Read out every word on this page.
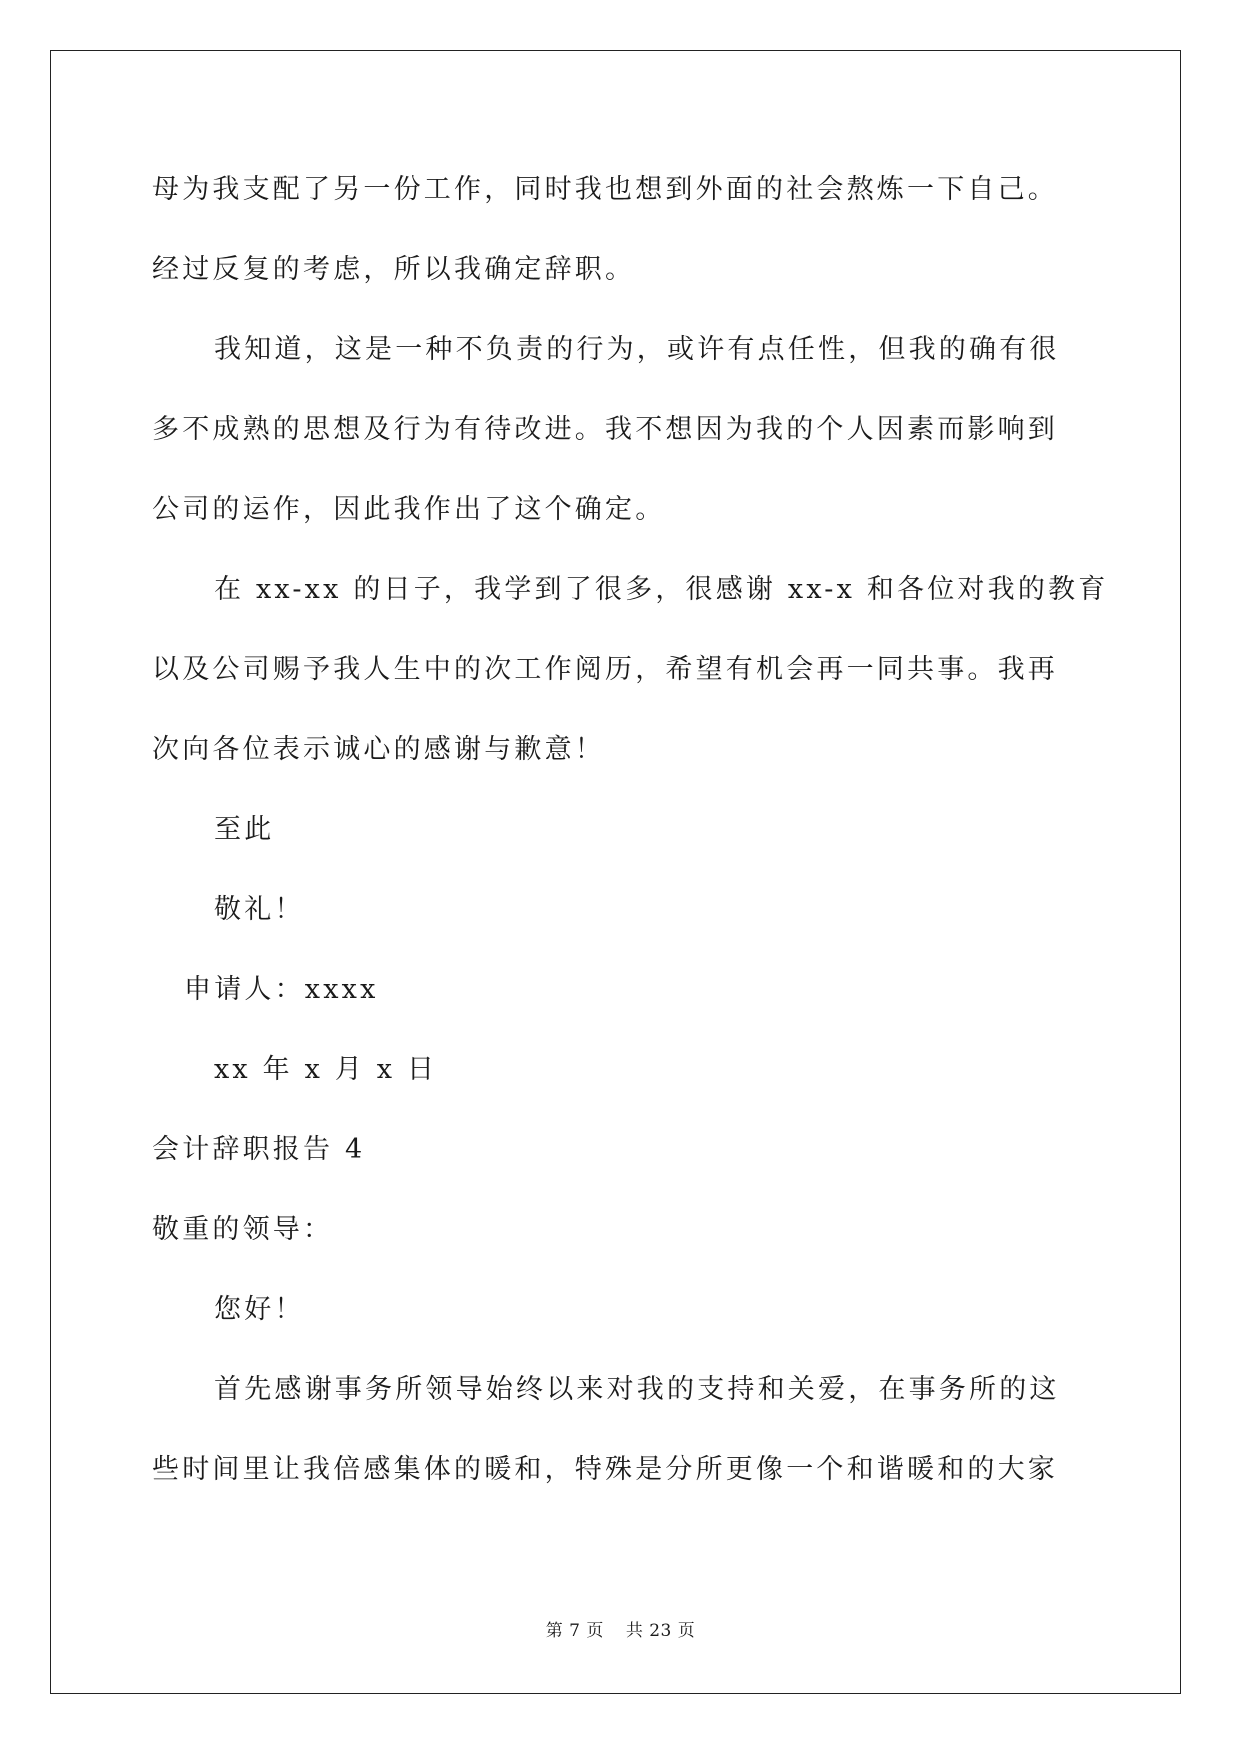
母为我支配了另一份工作，同时我也想到外面的社会熬炼一下自己。
经过反复的考虑，所以我确定辞职。
我知道，这是一种不负责的行为，或许有点任性，但我的确有很
多不成熟的思想及行为有待改进。我不想因为我的个人因素而影响到
公司的运作，因此我作出了这个确定。
在 xx-xx 的日子，我学到了很多，很感谢 xx-x 和各位对我的教育
以及公司赐予我人生中的次工作阅历，希望有机会再一同共事。我再
次向各位表示诚心的感谢与歉意！
至此
敬礼！
申请人：xxxx
xx 年 x 月 x 日
会计辞职报告 4
敬重的领导：
您好！
首先感谢事务所领导始终以来对我的支持和关爱，在事务所的这
些时间里让我倍感集体的暖和，特殊是分所更像一个和谐暖和的大家
第 7 页 共 23 页
